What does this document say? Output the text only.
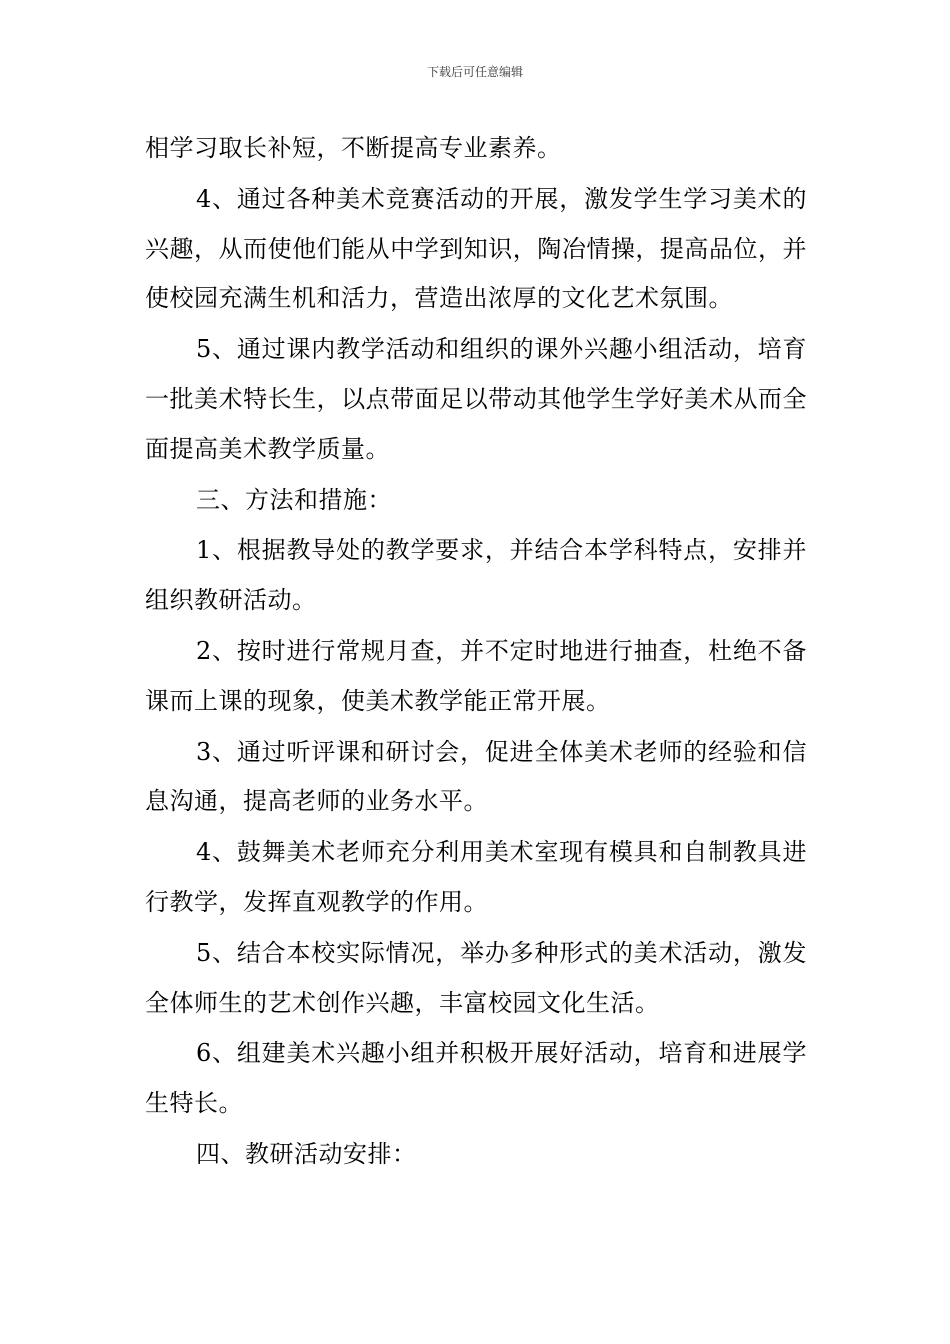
下载后可任意编辑

相学习取长补短，不断提高专业素养。

4、通过各种美术竞赛活动的开展，激发学生学习美术的兴趣，从而使他们能从中学到知识，陶冶情操，提高品位，并使校园充满生机和活力，营造出浓厚的文化艺术氛围。

5、通过课内教学活动和组织的课外兴趣小组活动，培育一批美术特长生，以点带面足以带动其他学生学好美术从而全面提高美术教学质量。

三、方法和措施：

1、根据教导处的教学要求，并结合本学科特点，安排并组织教研活动。

2、按时进行常规月查，并不定时地进行抽查，杜绝不备课而上课的现象，使美术教学能正常开展。

3、通过听评课和研讨会，促进全体美术老师的经验和信息沟通，提高老师的业务水平。

4、鼓舞美术老师充分利用美术室现有模具和自制教具进行教学，发挥直观教学的作用。

5、结合本校实际情况，举办多种形式的美术活动，激发全体师生的艺术创作兴趣，丰富校园文化生活。

6、组建美术兴趣小组并积极开展好活动，培育和进展学生特长。

四、教研活动安排：
